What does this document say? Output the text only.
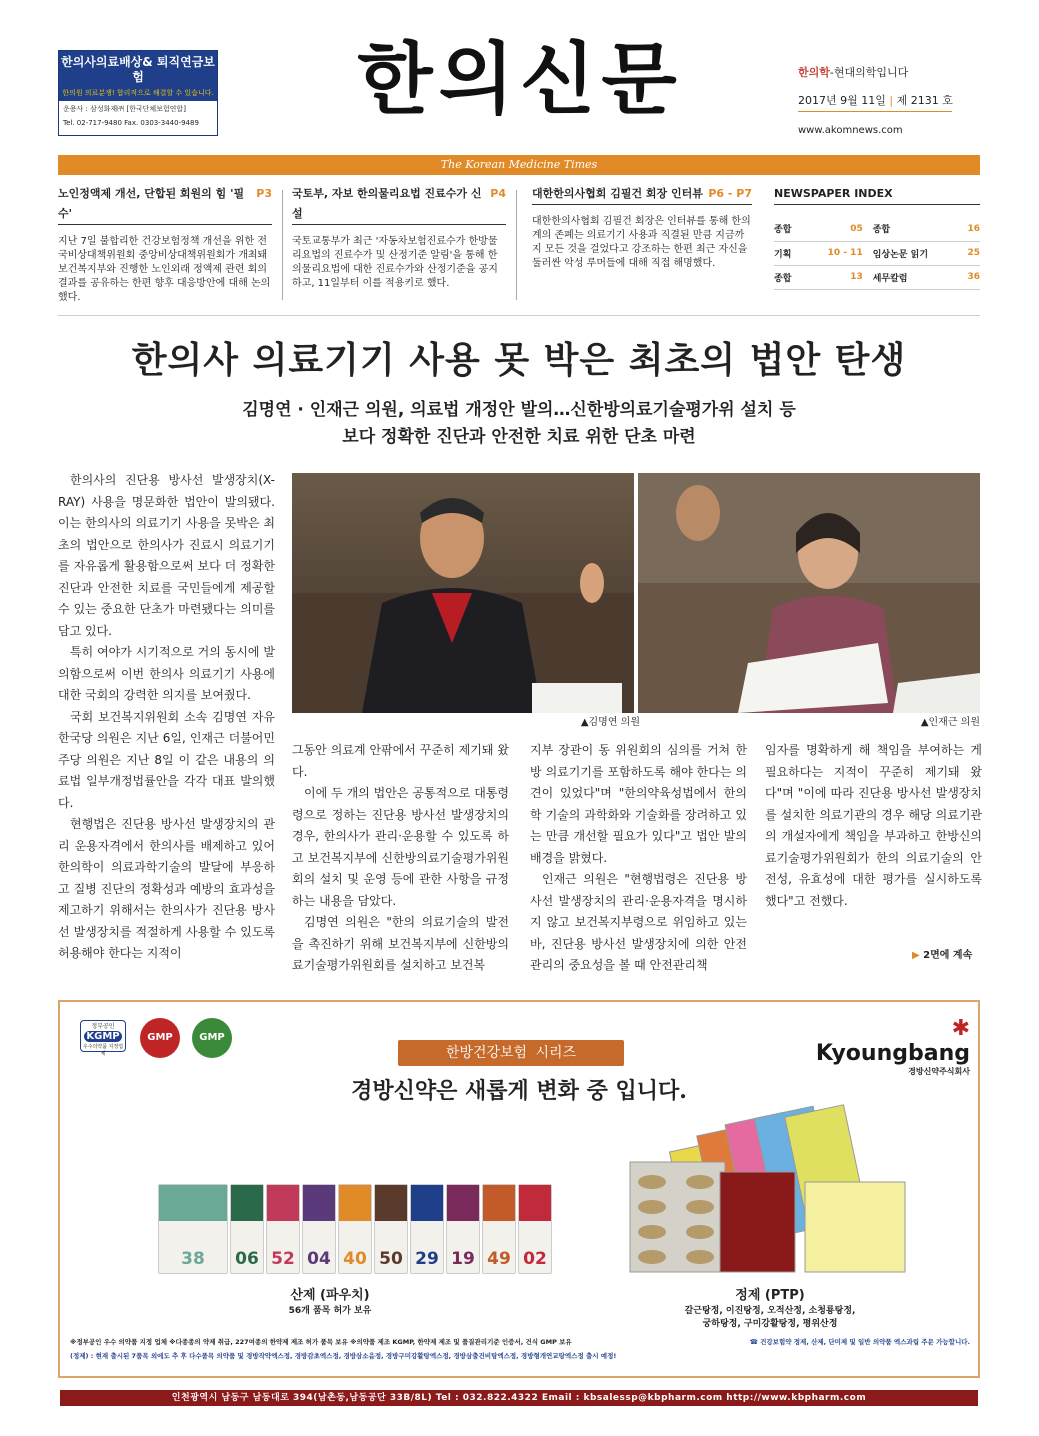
한의사의료배상& 퇴직연금보험
한의원 의료분쟁! 합리적으로 해결할 수 있습니다.
운용사 : 삼성화재㈜ [한국단체보험연합]
Tel. 02-717-9480 Fax. 0303-3440-9489	한의신문	한의학-현대의학입니다
2017년 9월 11일 | 제 2131 호
www.akomnews.com
The Korean Medicine Times
노인정액제 개선, 단합된 회원의 힘 '필수'
P3
지난 7일 불합리한 건강보험정책 개선을 위한 전국비상대책위원회 중앙비상대책위원회가 개최돼 보건복지부와 진행한 노인외래 정액제 관련 회의결과를 공유하는 한편 향후 대응방안에 대해 논의했다.
국토부, 자보 한의물리요법 진료수가 신설
P4
국토교통부가 최근 '자동차보험진료수가 한방물리요법의 진료수가 및 산정기준 알림'을 통해 한의물리요법에 대한 진료수가와 산정기준을 공지하고, 11일부터 이를 적용키로 했다.
대한한의사협회 김필건 회장 인터뷰 P6 - P7
대한한의사협회 김필건 회장은 인터뷰를 통해 한의계의 존폐는 의료기기 사용과 직결된 만큼 지금까지 모든 것을 걸었다고 강조하는 한편 최근 자신을 둘러싼 악성 루머들에 대해 직접 해명했다.
NEWSPAPER INDEX
종합	05	종합	16
기획	10 - 11	임상논문 읽기	25
종합	13	세무칼럼	36
한의사 의료기기 사용 못 박은 최초의 법안 탄생
김명연 · 인재근 의원, 의료법 개정안 발의…신한방의료기술평가위 설치 등
보다 정확한 진단과 안전한 치료 위한 단초 마련
▲김명연 의원	▲인재근 의원

한의사의 진단용 방사선 발생장치(X-RAY) 사용을 명문화한 법안이 발의됐다. 이는 한의사의 의료기기 사용을 못박은 최초의 법안으로 한의사가 진료시 의료기기를 자유롭게 활용함으로써 보다 더 정확한 진단과 안전한 치료를 국민들에게 제공할 수 있는 중요한 단초가 마련됐다는 의미를 담고 있다.

특히 여야가 시기적으로 거의 동시에 발의함으로써 이번 한의사 의료기기 사용에 대한 국회의 강력한 의지를 보여줬다.

국회 보건복지위원회 소속 김명연 자유한국당 의원은 지난 6일, 인재근 더불어민주당 의원은 지난 8일 이 같은 내용의 의료법 일부개정법률안을 각각 대표 발의했다.

현행법은 진단용 방사선 발생장치의 관리 운용자격에서 한의사를 배제하고 있어 한의학이 의료과학기술의 발달에 부응하고 질병 진단의 정확성과 예방의 효과성을 제고하기 위해서는 한의사가 진단용 방사선 발생장치를 적절하게 사용할 수 있도록 허용해야 한다는 지적이

그동안 의료계 안팎에서 꾸준히 제기돼 왔다.

이에 두 개의 법안은 공통적으로 대통령령으로 정하는 진단용 방사선 발생장치의 경우, 한의사가 관리·운용할 수 있도록 하고 보건복지부에 신한방의료기술평가위원회의 설치 및 운영 등에 관한 사항을 규정하는 내용을 담았다.

김명연 의원은 "한의 의료기술의 발전을 촉진하기 위해 보건복지부에 신한방의료기술평가위원회를 설치하고 보건복

지부 장관이 동 위원회의 심의를 거쳐 한방 의료기기를 포함하도록 해야 한다는 의견이 있었다"며 "한의약육성법에서 한의학 기술의 과학화와 기술화를 장려하고 있는 만큼 개선할 필요가 있다"고 법안 발의 배경을 밝혔다.

인재근 의원은 "현행법령은 진단용 방사선 발생장치의 관리·운용자격을 명시하지 않고 보건복지부령으로 위임하고 있는 바, 진단용 방사선 발생장치에 의한 안전관리의 중요성을 볼 때 안전관리책

임자를 명확하게 해 책임을 부여하는 게 필요하다는 지적이 꾸준히 제기돼 왔다"며 "이에 따라 진단용 방사선 발생장치를 설치한 의료기관의 경우 해당 의료기관의 개설자에게 책임을 부과하고 한방신의료기술평가위원회가 한의 의료기술의 안전성, 유효성에 대한 평가를 실시하도록 했다"고 전했다.

▶ 2면에 계속
정부공인
KGMP
우수의약품 지정업체
GMP	GMP	✱ Kyoungbang
경방신약주식회사
한방건강보험 시리즈
경방신약은 새롭게 변화 중 입니다.
38	06 52 04 40 50 29 19 49 02
산제 (파우치)
56개 품목 허가 보유
정제 (PTP)
갈근탕정, 이진탕정, 오적산정, 소청룡탕정,
궁하탕정, 구미강활탕정, 평위산정
※정부공인 우수 의약품 지정 업체 ※다종종의 약제 취급, 227여종의 한약제 제조 허가 품목 보유 ※의약품 제조 KGMP, 한약제 제조 및 품질관리기준 인증서, 건식 GMP 보유	☎ 건강보험약 정제, 산제, 단미제 및 일반 의약품 엑스과립 주문 가능합니다.
(정제) : 현재 출시된 7품목 외에도 추 후 다수품목 의약품 및 경방작약엑스정, 경방감초엑스정, 경방삼소음정, 경방구미강활탕엑스정, 경방삼출건비탕엑스정, 경방형개연교탕엑스정 출시 예정!
인천광역시 남동구 남동대로 394(남촌동,남동공단 33B/8L) Tel : 032.822.4322 Email : kbsalessp@kbpharm.com http://www.kbpharm.com
